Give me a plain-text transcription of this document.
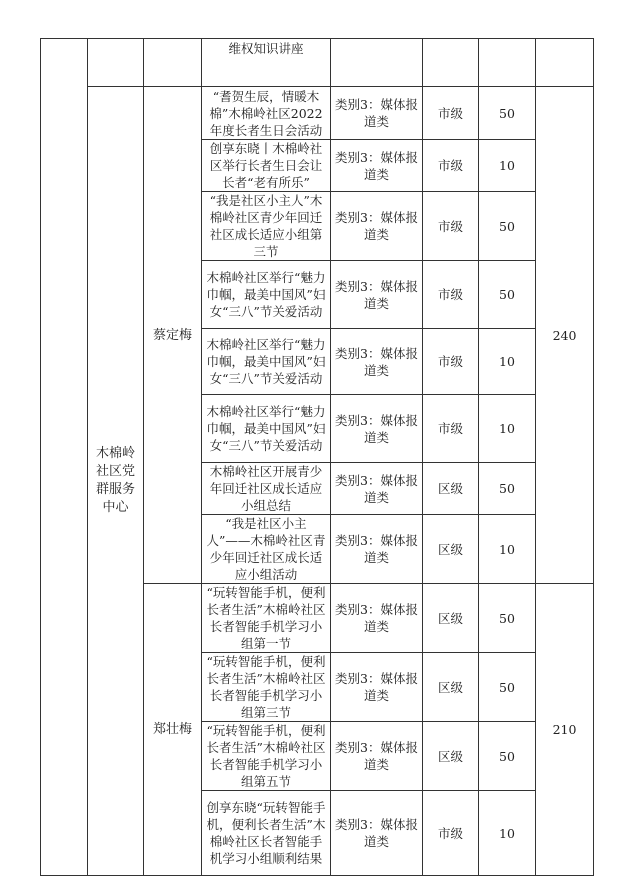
			维权知识讲座				
	木棉岭社区党群服务中心	蔡定梅	“耆贺生辰，情暖木棉”木棉岭社区2022年度长者生日会活动	类别3：媒体报道类	市级	50	240
			创享东晓丨木棉岭社区举行长者生日会让长者“老有所乐”	类别3：媒体报道类	市级	10	
			“我是社区小主人”木棉岭社区青少年回迁社区成长适应小组第三节	类别3：媒体报道类	市级	50	
			木棉岭社区举行“魅力巾帼，最美中国风”妇女“三八”节关爱活动	类别3：媒体报道类	市级	50	
			木棉岭社区举行“魅力巾帼，最美中国风”妇女“三八”节关爱活动	类别3：媒体报道类	市级	10	
			木棉岭社区举行“魅力巾帼，最美中国风”妇女“三八”节关爱活动	类别3：媒体报道类	市级	10	
			木棉岭社区开展青少年回迁社区成长适应小组总结	类别3：媒体报道类	区级	50	
			“我是社区小主人”——木棉岭社区青少年回迁社区成长适应小组活动	类别3：媒体报道类	区级	10	
		郑壮梅	“玩转智能手机，便利长者生活”木棉岭社区长者智能手机学习小组第一节	类别3：媒体报道类	区级	50	210
			“玩转智能手机，便利长者生活”木棉岭社区长者智能手机学习小组第三节	类别3：媒体报道类	区级	50	
			“玩转智能手机，便利长者生活”木棉岭社区长者智能手机学习小组第五节	类别3：媒体报道类	区级	50	
			创享东晓“玩转智能手机，便利长者生活”木棉岭社区长者智能手机学习小组顺利结果	类别3：媒体报道类	市级	10	
